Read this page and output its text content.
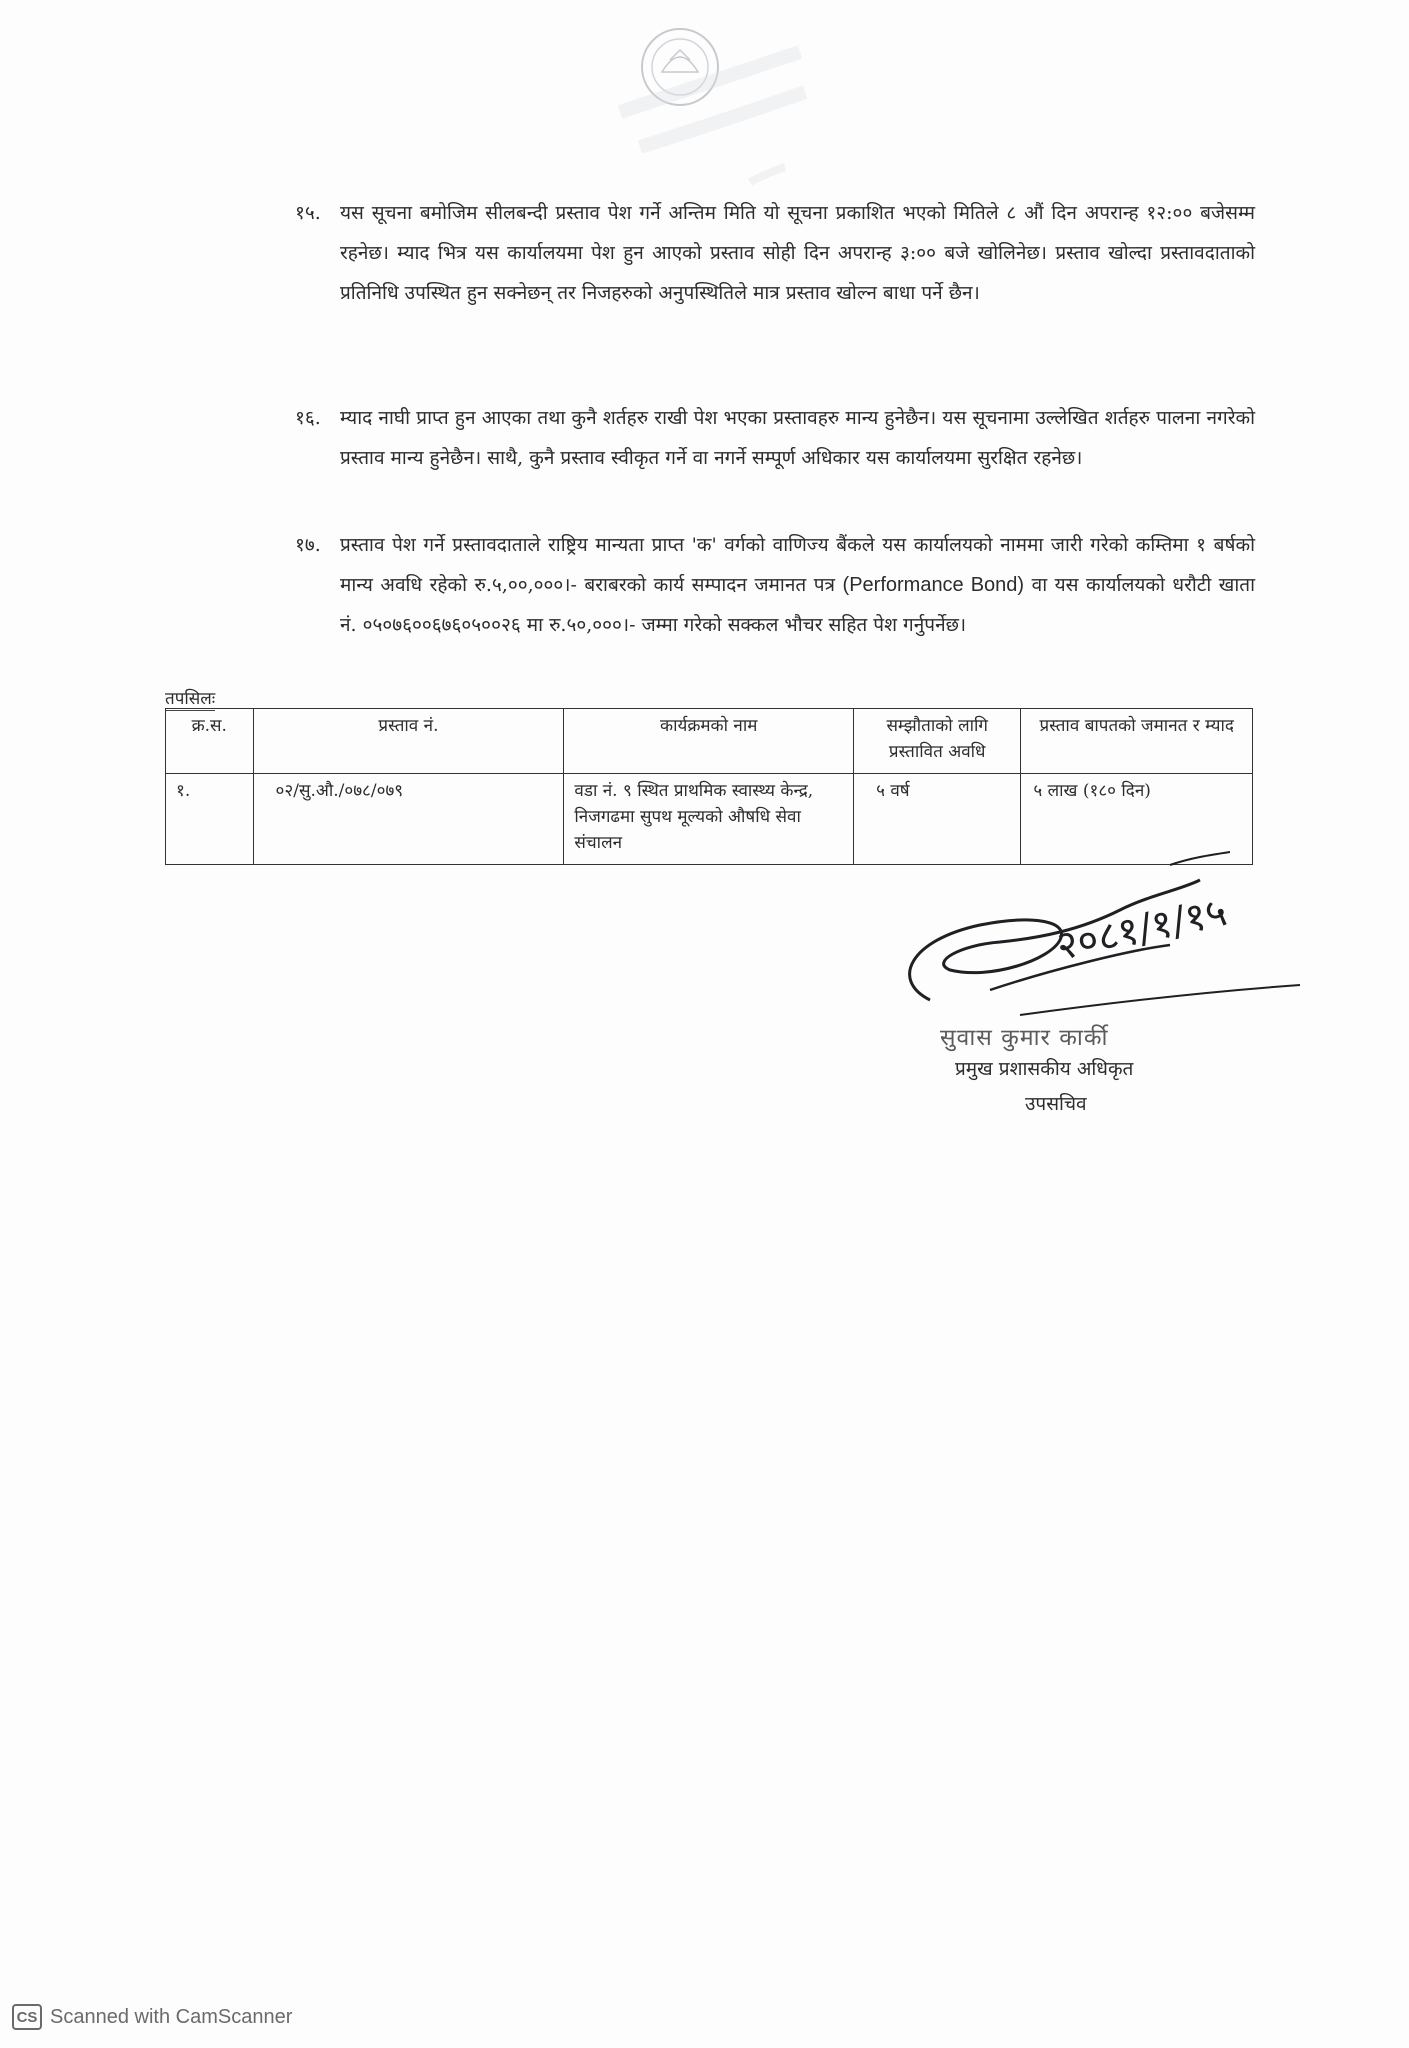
१५. यस सूचना बमोजिम सीलबन्दी प्रस्ताव पेश गर्ने अन्तिम मिति यो सूचना प्रकाशित भएको मितिले ८ औं दिन अपरान्ह १२:०० बजेसम्म रहनेछ। म्याद भित्र यस कार्यालयमा पेश हुन आएको प्रस्ताव सोही दिन अपरान्ह ३:०० बजे खोलिनेछ। प्रस्ताव खोल्दा प्रस्तावदाताको प्रतिनिधि उपस्थित हुन सक्नेछन् तर निजहरुको अनुपस्थितिले मात्र प्रस्ताव खोल्न बाधा पर्ने छैन।
१६. म्याद नाघी प्राप्त हुन आएका तथा कुनै शर्तहरु राखी पेश भएका प्रस्तावहरु मान्य हुनेछैन। यस सूचनामा उल्लेखित शर्तहरु पालना नगरेको प्रस्ताव मान्य हुनेछैन। साथै, कुनै प्रस्ताव स्वीकृत गर्ने वा नगर्ने सम्पूर्ण अधिकार यस कार्यालयमा सुरक्षित रहनेछ।
१७. प्रस्ताव पेश गर्ने प्रस्तावदाताले राष्ट्रिय मान्यता प्राप्त 'क' वर्गको वाणिज्य बैंकले यस कार्यालयको नाममा जारी गरेको कम्तिमा १ बर्षको मान्य अवधि रहेको रु.५,००,०००।- बराबरको कार्य सम्पादन जमानत पत्र (Performance Bond) वा यस कार्यालयको धरौटी खाता नं. ०५०७६००६७६०५००२६ मा रु.५०,०००।- जम्मा गरेको सक्कल भौचर सहित पेश गर्नुपर्नेछ।
तपसिलः
क्र.स.	प्रस्ताव नं.	कार्यक्रमको नाम	सम्झौताको लागि प्रस्तावित अवधि	प्रस्ताव बापतको जमानत र म्याद
१.	०२/सु.औ./०७८/०७९	वडा नं. ९ स्थित प्राथमिक स्वास्थ्य केन्द्र, निजगढमा सुपथ मूल्यको औषधि सेवा संचालन	५ वर्ष	५ लाख (१८० दिन)
२०८१/१/१५
सुवास कुमार कार्की
प्रमुख प्रशासकीय अधिकृत
उपसचिव
CS Scanned with CamScanner
